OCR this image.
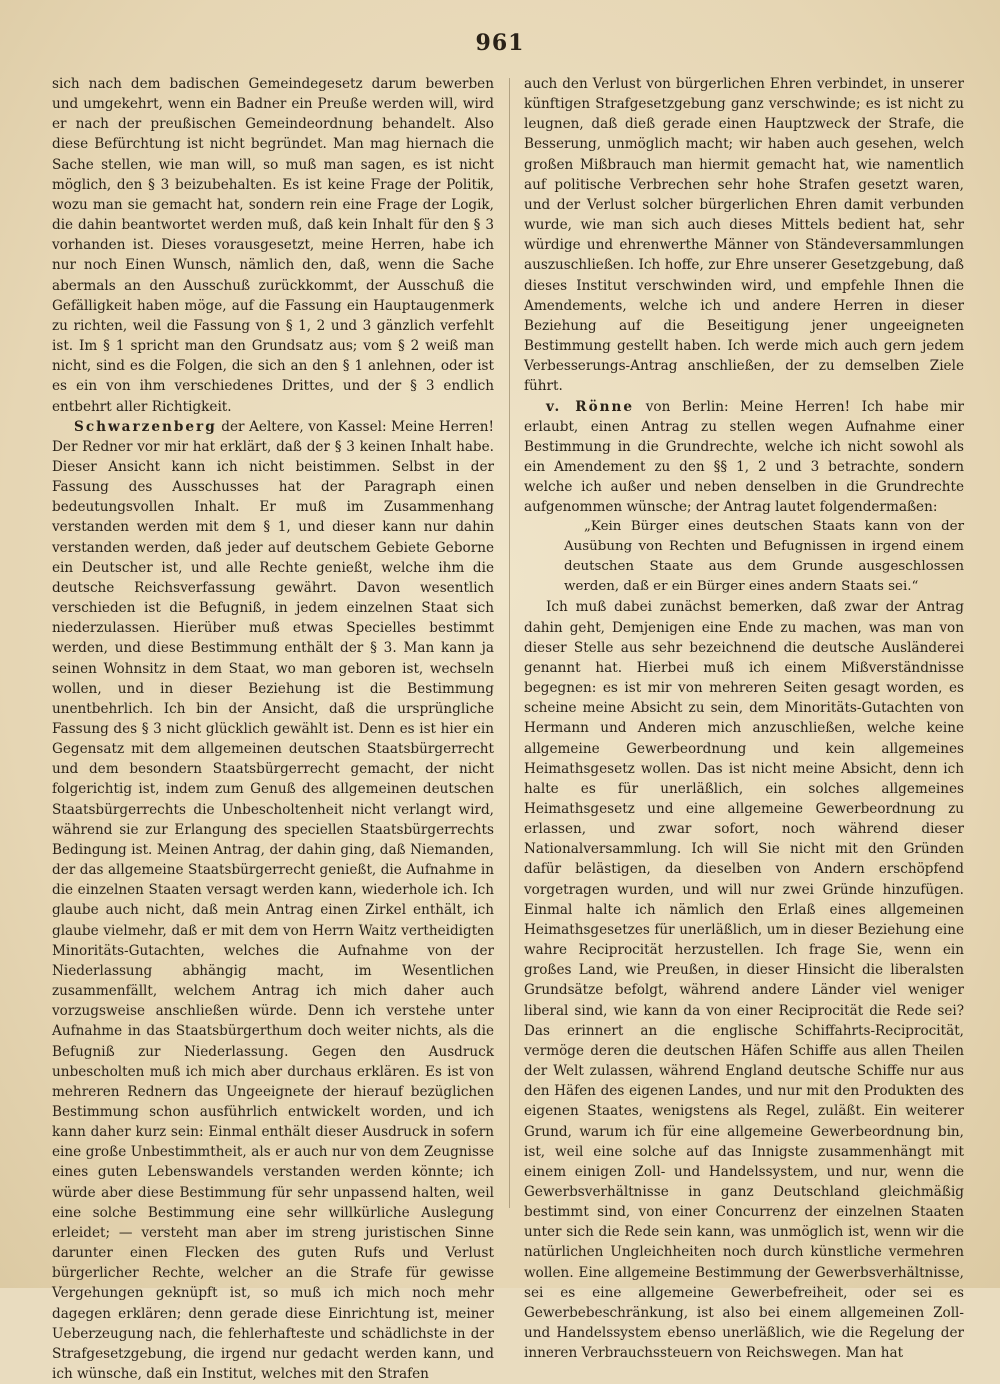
961

sich nach dem badischen Gemeindegesetz darum bewerben und umgekehrt, wenn ein Badner ein Preuße werden will, wird er nach der preußischen Gemeindeordnung behandelt. Also diese Befürchtung ist nicht begründet. Man mag hiernach die Sache stellen, wie man will, so muß man sagen, es ist nicht möglich, den § 3 beizubehalten. Es ist keine Frage der Politik, wozu man sie gemacht hat, sondern rein eine Frage der Logik, die dahin beantwortet werden muß, daß kein Inhalt für den § 3 vorhanden ist. Dieses vorausgesetzt, meine Herren, habe ich nur noch Einen Wunsch, nämlich den, daß, wenn die Sache abermals an den Ausschuß zurückkommt, der Ausschuß die Gefälligkeit haben möge, auf die Fassung ein Hauptaugenmerk zu richten, weil die Fassung von § 1, 2 und 3 gänzlich verfehlt ist. Im § 1 spricht man den Grundsatz aus; vom § 2 weiß man nicht, sind es die Folgen, die sich an den § 1 anlehnen, oder ist es ein von ihm verschiedenes Drittes, und der § 3 endlich entbehrt aller Richtigkeit.

Schwarzenberg der Aeltere, von Kassel: Meine Herren! Der Redner vor mir hat erklärt, daß der § 3 keinen Inhalt habe. Dieser Ansicht kann ich nicht beistimmen. Selbst in der Fassung des Ausschusses hat der Paragraph einen bedeutungsvollen Inhalt. Er muß im Zusammenhang verstanden werden mit dem § 1, und dieser kann nur dahin verstanden werden, daß jeder auf deutschem Gebiete Geborne ein Deutscher ist, und alle Rechte genießt, welche ihm die deutsche Reichsverfassung gewährt. Davon wesentlich verschieden ist die Befugniß, in jedem einzelnen Staat sich niederzulassen. Hierüber muß etwas Specielles bestimmt werden, und diese Bestimmung enthält der § 3. Man kann ja seinen Wohnsitz in dem Staat, wo man geboren ist, wechseln wollen, und in dieser Beziehung ist die Bestimmung unentbehrlich. Ich bin der Ansicht, daß die ursprüngliche Fassung des § 3 nicht glücklich gewählt ist. Denn es ist hier ein Gegensatz mit dem allgemeinen deutschen Staatsbürgerrecht und dem besondern Staatsbürgerrecht gemacht, der nicht folgerichtig ist, indem zum Genuß des allgemeinen deutschen Staatsbürgerrechts die Unbescholtenheit nicht verlangt wird, während sie zur Erlangung des speciellen Staatsbürgerrechts Bedingung ist. Meinen Antrag, der dahin ging, daß Niemanden, der das allgemeine Staatsbürgerrecht genießt, die Aufnahme in die einzelnen Staaten versagt werden kann, wiederhole ich. Ich glaube auch nicht, daß mein Antrag einen Zirkel enthält, ich glaube vielmehr, daß er mit dem von Herrn Waitz vertheidigten Minoritäts-Gutachten, welches die Aufnahme von der Niederlassung abhängig macht, im Wesentlichen zusammenfällt, welchem Antrag ich mich daher auch vorzugsweise anschließen würde. Denn ich verstehe unter Aufnahme in das Staatsbürgerthum doch weiter nichts, als die Befugniß zur Niederlassung. Gegen den Ausdruck unbescholten muß ich mich aber durchaus erklären. Es ist von mehreren Rednern das Ungeeignete der hierauf bezüglichen Bestimmung schon ausführlich entwickelt worden, und ich kann daher kurz sein: Einmal enthält dieser Ausdruck in sofern eine große Unbestimmtheit, als er auch nur von dem Zeugnisse eines guten Lebenswandels verstanden werden könnte; ich würde aber diese Bestimmung für sehr unpassend halten, weil eine solche Bestimmung eine sehr willkürliche Auslegung erleidet; — versteht man aber im streng juristischen Sinne darunter einen Flecken des guten Rufs und Verlust bürgerlicher Rechte, welcher an die Strafe für gewisse Vergehungen geknüpft ist, so muß ich mich noch mehr dagegen erklären; denn gerade diese Einrichtung ist, meiner Ueberzeugung nach, die fehlerhafteste und schädlichste in der Strafgesetzgebung, die irgend nur gedacht werden kann, und ich wünsche, daß ein Institut, welches mit den Strafen

auch den Verlust von bürgerlichen Ehren verbindet, in unserer künftigen Strafgesetzgebung ganz verschwinde; es ist nicht zu leugnen, daß dieß gerade einen Hauptzweck der Strafe, die Besserung, unmöglich macht; wir haben auch gesehen, welch großen Mißbrauch man hiermit gemacht hat, wie namentlich auf politische Verbrechen sehr hohe Strafen gesetzt waren, und der Verlust solcher bürgerlichen Ehren damit verbunden wurde, wie man sich auch dieses Mittels bedient hat, sehr würdige und ehrenwerthe Männer von Ständeversammlungen auszuschließen. Ich hoffe, zur Ehre unserer Gesetzgebung, daß dieses Institut verschwinden wird, und empfehle Ihnen die Amendements, welche ich und andere Herren in dieser Beziehung auf die Beseitigung jener ungeeigneten Bestimmung gestellt haben. Ich werde mich auch gern jedem Verbesserungs-Antrag anschließen, der zu demselben Ziele führt.

v. Rönne von Berlin: Meine Herren! Ich habe mir erlaubt, einen Antrag zu stellen wegen Aufnahme einer Bestimmung in die Grundrechte, welche ich nicht sowohl als ein Amendement zu den §§ 1, 2 und 3 betrachte, sondern welche ich außer und neben denselben in die Grundrechte aufgenommen wünsche; der Antrag lautet folgendermaßen:

„Kein Bürger eines deutschen Staats kann von der Ausübung von Rechten und Befugnissen in irgend einem deutschen Staate aus dem Grunde ausgeschlossen werden, daß er ein Bürger eines andern Staats sei.“

Ich muß dabei zunächst bemerken, daß zwar der Antrag dahin geht, Demjenigen eine Ende zu machen, was man von dieser Stelle aus sehr bezeichnend die deutsche Ausländerei genannt hat. Hierbei muß ich einem Mißverständnisse begegnen: es ist mir von mehreren Seiten gesagt worden, es scheine meine Absicht zu sein, dem Minoritäts-Gutachten von Hermann und Anderen mich anzuschließen, welche keine allgemeine Gewerbeordnung und kein allgemeines Heimathsgesetz wollen. Das ist nicht meine Absicht, denn ich halte es für unerläßlich, ein solches allgemeines Heimathsgesetz und eine allgemeine Gewerbeordnung zu erlassen, und zwar sofort, noch während dieser Nationalversammlung. Ich will Sie nicht mit den Gründen dafür belästigen, da dieselben von Andern erschöpfend vorgetragen wurden, und will nur zwei Gründe hinzufügen. Einmal halte ich nämlich den Erlaß eines allgemeinen Heimathsgesetzes für unerläßlich, um in dieser Beziehung eine wahre Reciprocität herzustellen. Ich frage Sie, wenn ein großes Land, wie Preußen, in dieser Hinsicht die liberalsten Grundsätze befolgt, während andere Länder viel weniger liberal sind, wie kann da von einer Reciprocität die Rede sei? Das erinnert an die englische Schiffahrts-Reciprocität, vermöge deren die deutschen Häfen Schiffe aus allen Theilen der Welt zulassen, während England deutsche Schiffe nur aus den Häfen des eigenen Landes, und nur mit den Produkten des eigenen Staates, wenigstens als Regel, zuläßt. Ein weiterer Grund, warum ich für eine allgemeine Gewerbeordnung bin, ist, weil eine solche auf das Innigste zusammenhängt mit einem einigen Zoll- und Handelssystem, und nur, wenn die Gewerbsverhältnisse in ganz Deutschland gleichmäßig bestimmt sind, von einer Concurrenz der einzelnen Staaten unter sich die Rede sein kann, was unmöglich ist, wenn wir die natürlichen Ungleichheiten noch durch künstliche vermehren wollen. Eine allgemeine Bestimmung der Gewerbsverhältnisse, sei es eine allgemeine Gewerbefreiheit, oder sei es Gewerbebeschränkung, ist also bei einem allgemeinen Zoll- und Handelssystem ebenso unerläßlich, wie die Regelung der inneren Verbrauchssteuern von Reichswegen. Man hat
